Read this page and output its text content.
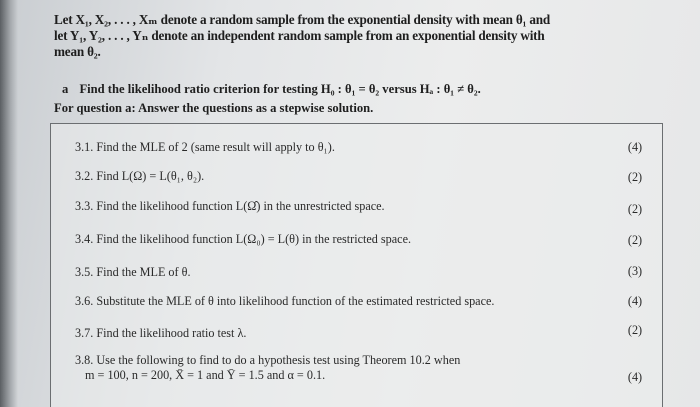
Let X₁, X₂, . . . , Xₘ denote a random sample from the exponential density with mean θ₁ and

let Y₁, Y₂, . . . , Yₙ denote an independent random sample from an exponential density with

mean θ₂.

a Find the likelihood ratio criterion for testing H₀ : θ₁ = θ₂ versus Hₐ : θ₁ ≠ θ₂.
For question a: Answer the questions as a stepwise solution.
3.1. Find the MLE of 2 (same result will apply to θ₁).	(4)
3.2. Find L(Ω) = L(θ₁, θ₂).	(2)
3.3. Find the likelihood function L(Ω̂) in the unrestricted space.	(2)
3.4. Find the likelihood function L(Ω₀) = L(θ) in the restricted space.	(2)
3.5. Find the MLE of θ.	(3)
3.6. Substitute the MLE of θ into likelihood function of the estimated restricted space.	(4)
3.7. Find the likelihood ratio test λ.	(2)
3.8. Use the following to find to do a hypothesis test using Theorem 10.2 when
m = 100, n = 200, X̄ = 1 and Ȳ = 1.5 and α = 0.1.	(4)
